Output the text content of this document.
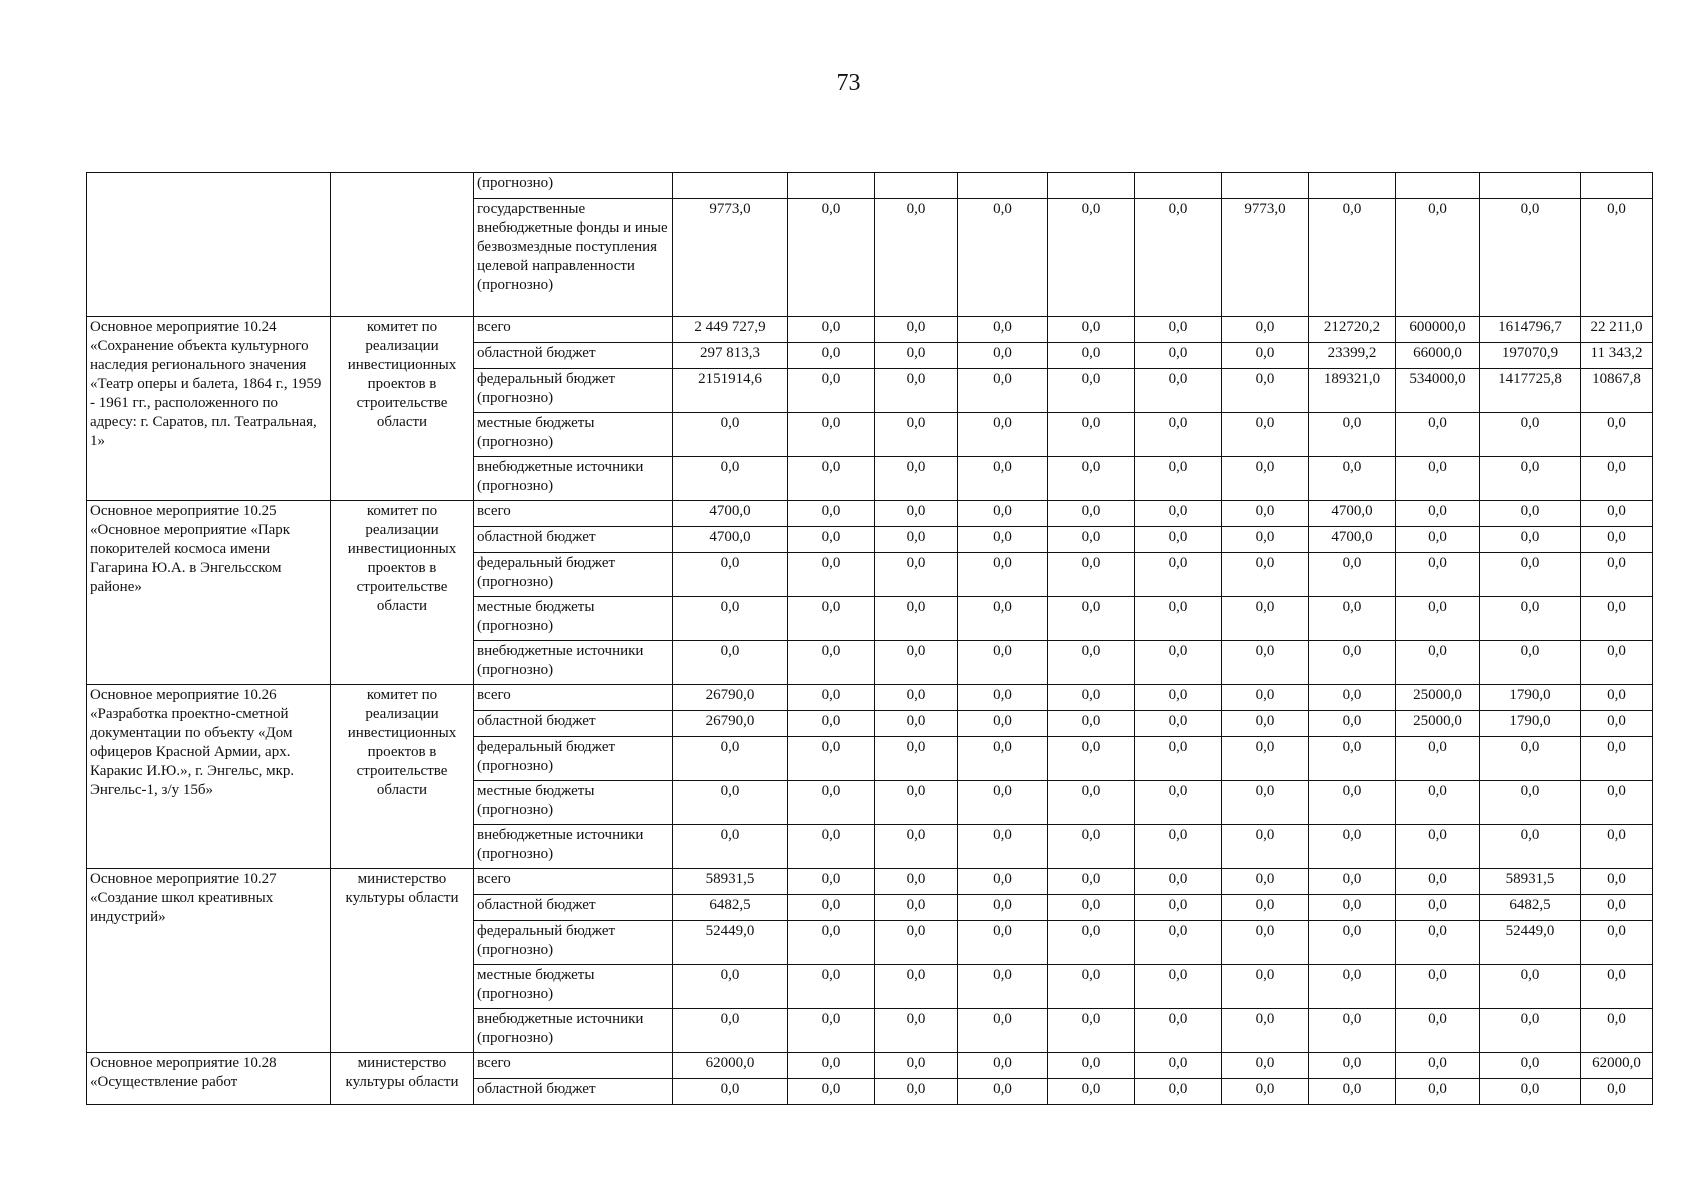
73
		(прогнозно)											
		государственные внебюджетные фонды и иные безвозмездные поступления целевой направленности (прогнозно)	9773,0	0,0	0,0	0,0	0,0	0,0	9773,0	0,0	0,0	0,0	0,0
Основное мероприятие 10.24 «Сохранение объекта культурного наследия регионального значения «Театр оперы и балета, 1864 г., 1959 - 1961 гг., расположенного по адресу: г. Саратов, пл. Театральная, 1»	комитет по реализации инвестиционных проектов в строительстве области	всего	2 449 727,9	0,0	0,0	0,0	0,0	0,0	0,0	212720,2	600000,0	1614796,7	22 211,0
		областной бюджет	297 813,3	0,0	0,0	0,0	0,0	0,0	0,0	23399,2	66000,0	197070,9	11 343,2
		федеральный бюджет (прогнозно)	2151914,6	0,0	0,0	0,0	0,0	0,0	0,0	189321,0	534000,0	1417725,8	10867,8
		местные бюджеты (прогнозно)	0,0	0,0	0,0	0,0	0,0	0,0	0,0	0,0	0,0	0,0	0,0
		внебюджетные источники (прогнозно)	0,0	0,0	0,0	0,0	0,0	0,0	0,0	0,0	0,0	0,0	0,0
Основное мероприятие 10.25 «Основное мероприятие «Парк покорителей космоса имени Гагарина Ю.А. в Энгельсском районе»	комитет по реализации инвестиционных проектов в строительстве области	всего	4700,0	0,0	0,0	0,0	0,0	0,0	0,0	4700,0	0,0	0,0	0,0
		областной бюджет	4700,0	0,0	0,0	0,0	0,0	0,0	0,0	4700,0	0,0	0,0	0,0
		федеральный бюджет (прогнозно)	0,0	0,0	0,0	0,0	0,0	0,0	0,0	0,0	0,0	0,0	0,0
		местные бюджеты (прогнозно)	0,0	0,0	0,0	0,0	0,0	0,0	0,0	0,0	0,0	0,0	0,0
		внебюджетные источники (прогнозно)	0,0	0,0	0,0	0,0	0,0	0,0	0,0	0,0	0,0	0,0	0,0
Основное мероприятие 10.26 «Разработка проектно-сметной документации по объекту «Дом офицеров Красной Армии, арх. Каракис И.Ю.», г. Энгельс, мкр. Энгельс-1, з/у 15б»	комитет по реализации инвестиционных проектов в строительстве области	всего	26790,0	0,0	0,0	0,0	0,0	0,0	0,0	0,0	25000,0	1790,0	0,0
		областной бюджет	26790,0	0,0	0,0	0,0	0,0	0,0	0,0	0,0	25000,0	1790,0	0,0
		федеральный бюджет (прогнозно)	0,0	0,0	0,0	0,0	0,0	0,0	0,0	0,0	0,0	0,0	0,0
		местные бюджеты (прогнозно)	0,0	0,0	0,0	0,0	0,0	0,0	0,0	0,0	0,0	0,0	0,0
		внебюджетные источники (прогнозно)	0,0	0,0	0,0	0,0	0,0	0,0	0,0	0,0	0,0	0,0	0,0
Основное мероприятие 10.27 «Создание школ креативных индустрий»	министерство культуры области	всего	58931,5	0,0	0,0	0,0	0,0	0,0	0,0	0,0	0,0	58931,5	0,0
		областной бюджет	6482,5	0,0	0,0	0,0	0,0	0,0	0,0	0,0	0,0	6482,5	0,0
		федеральный бюджет (прогнозно)	52449,0	0,0	0,0	0,0	0,0	0,0	0,0	0,0	0,0	52449,0	0,0
		местные бюджеты (прогнозно)	0,0	0,0	0,0	0,0	0,0	0,0	0,0	0,0	0,0	0,0	0,0
		внебюджетные источники (прогнозно)	0,0	0,0	0,0	0,0	0,0	0,0	0,0	0,0	0,0	0,0	0,0
Основное мероприятие 10.28 «Осуществление работ	министерство культуры области	всего	62000,0	0,0	0,0	0,0	0,0	0,0	0,0	0,0	0,0	0,0	62000,0
		областной бюджет	0,0	0,0	0,0	0,0	0,0	0,0	0,0	0,0	0,0	0,0	0,0
